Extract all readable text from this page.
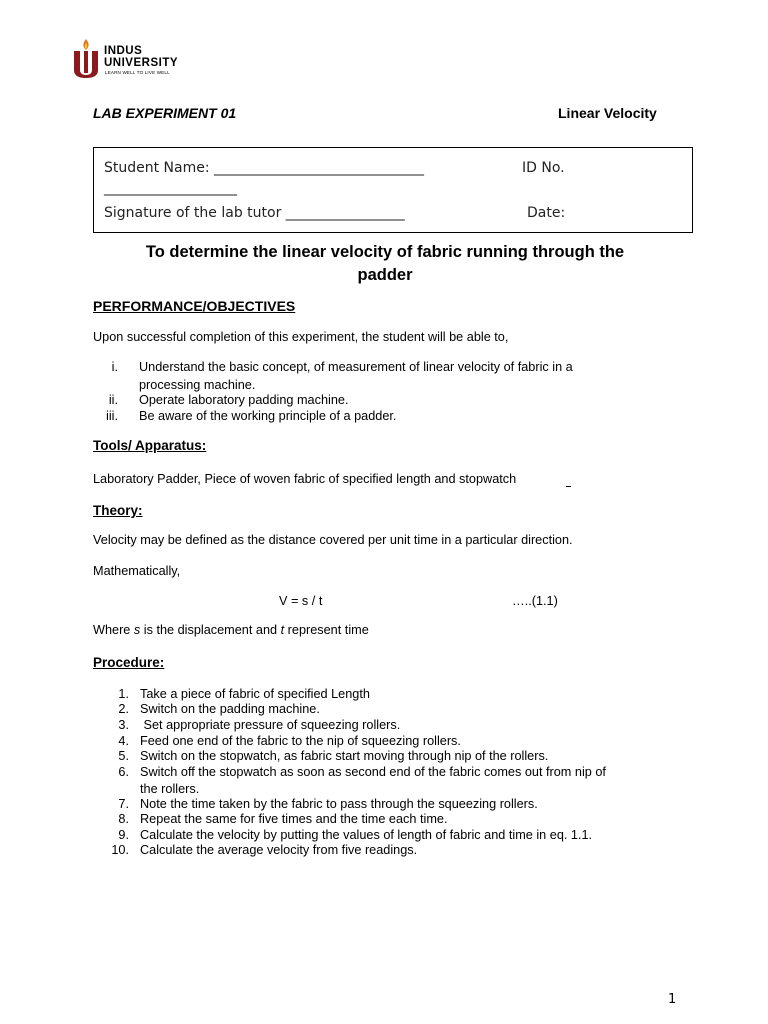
INDUS
UNIVERSITY
LEARN WELL TO LIVE WELL
LAB EXPERIMENT 01	Linear Velocity
Student Name: ______________________________	ID No.
___________________
Signature of the lab tutor _________________	Date:
To determine the linear velocity of fabric running through the
padder
PERFORMANCE/OBJECTIVES
Upon successful completion of this experiment, the student will be able to,
i. Understand the basic concept, of measurement of linear velocity of fabric in a
processing machine.
ii. Operate laboratory padding machine.
iii. Be aware of the working principle of a padder.
Tools/ Apparatus:
Laboratory Padder, Piece of woven fabric of specified length and stopwatch
Theory:
Velocity may be defined as the distance covered per unit time in a particular direction.
Mathematically,
V = s / t	…..(1.1)
Where s is the displacement and t represent time
Procedure:
1. Take a piece of fabric of specified Length
2. Switch on the padding machine.
3. Set appropriate pressure of squeezing rollers.
4. Feed one end of the fabric to the nip of squeezing rollers.
5. Switch on the stopwatch, as fabric start moving through nip of the rollers.
6. Switch off the stopwatch as soon as second end of the fabric comes out from nip of
the rollers.
7. Note the time taken by the fabric to pass through the squeezing rollers.
8. Repeat the same for five times and the time each time.
9. Calculate the velocity by putting the values of length of fabric and time in eq. 1.1.
10. Calculate the average velocity from five readings.
1
